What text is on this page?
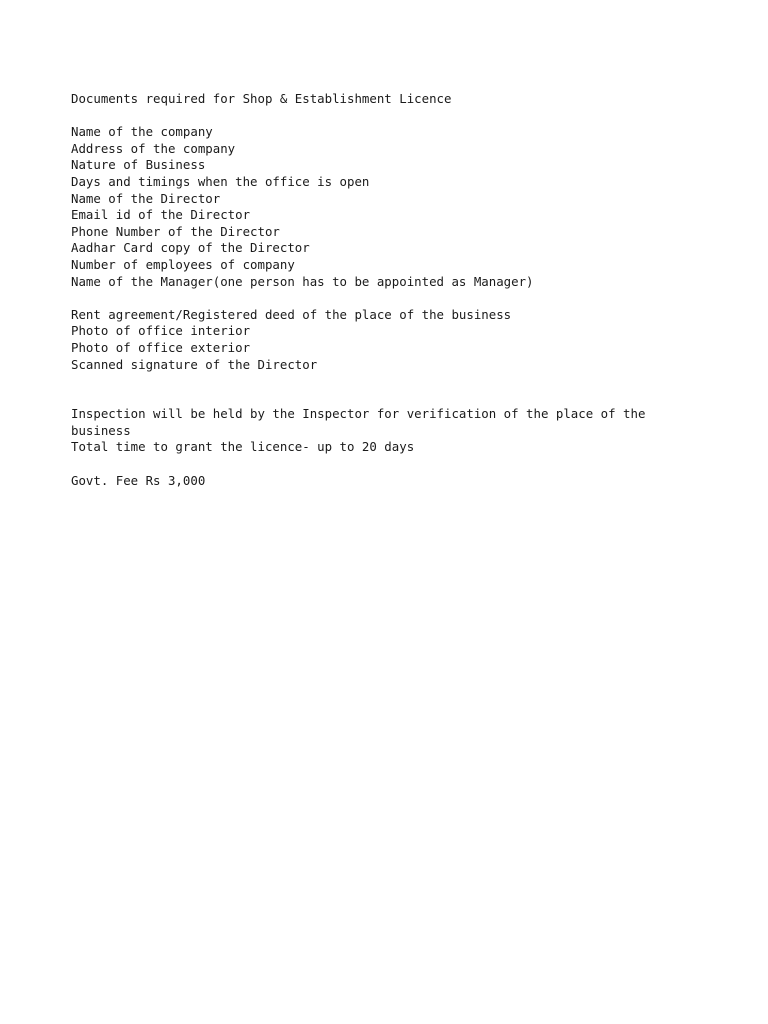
Documents required for Shop & Establishment Licence

Name of the company

Address of the company

Nature of Business

Days and timings when the office is open

Name of the Director

Email id of the Director

Phone Number of the Director

Aadhar Card copy of the Director

Number of employees of company

Name of the Manager(one person has to be appointed as Manager)

Rent agreement/Registered deed of the place of the business

Photo of office interior

Photo of office exterior

Scanned signature of the Director

Inspection will be held by the Inspector for verification of the place of the business

Total time to grant the licence- up to 20 days

Govt. Fee Rs 3,000
